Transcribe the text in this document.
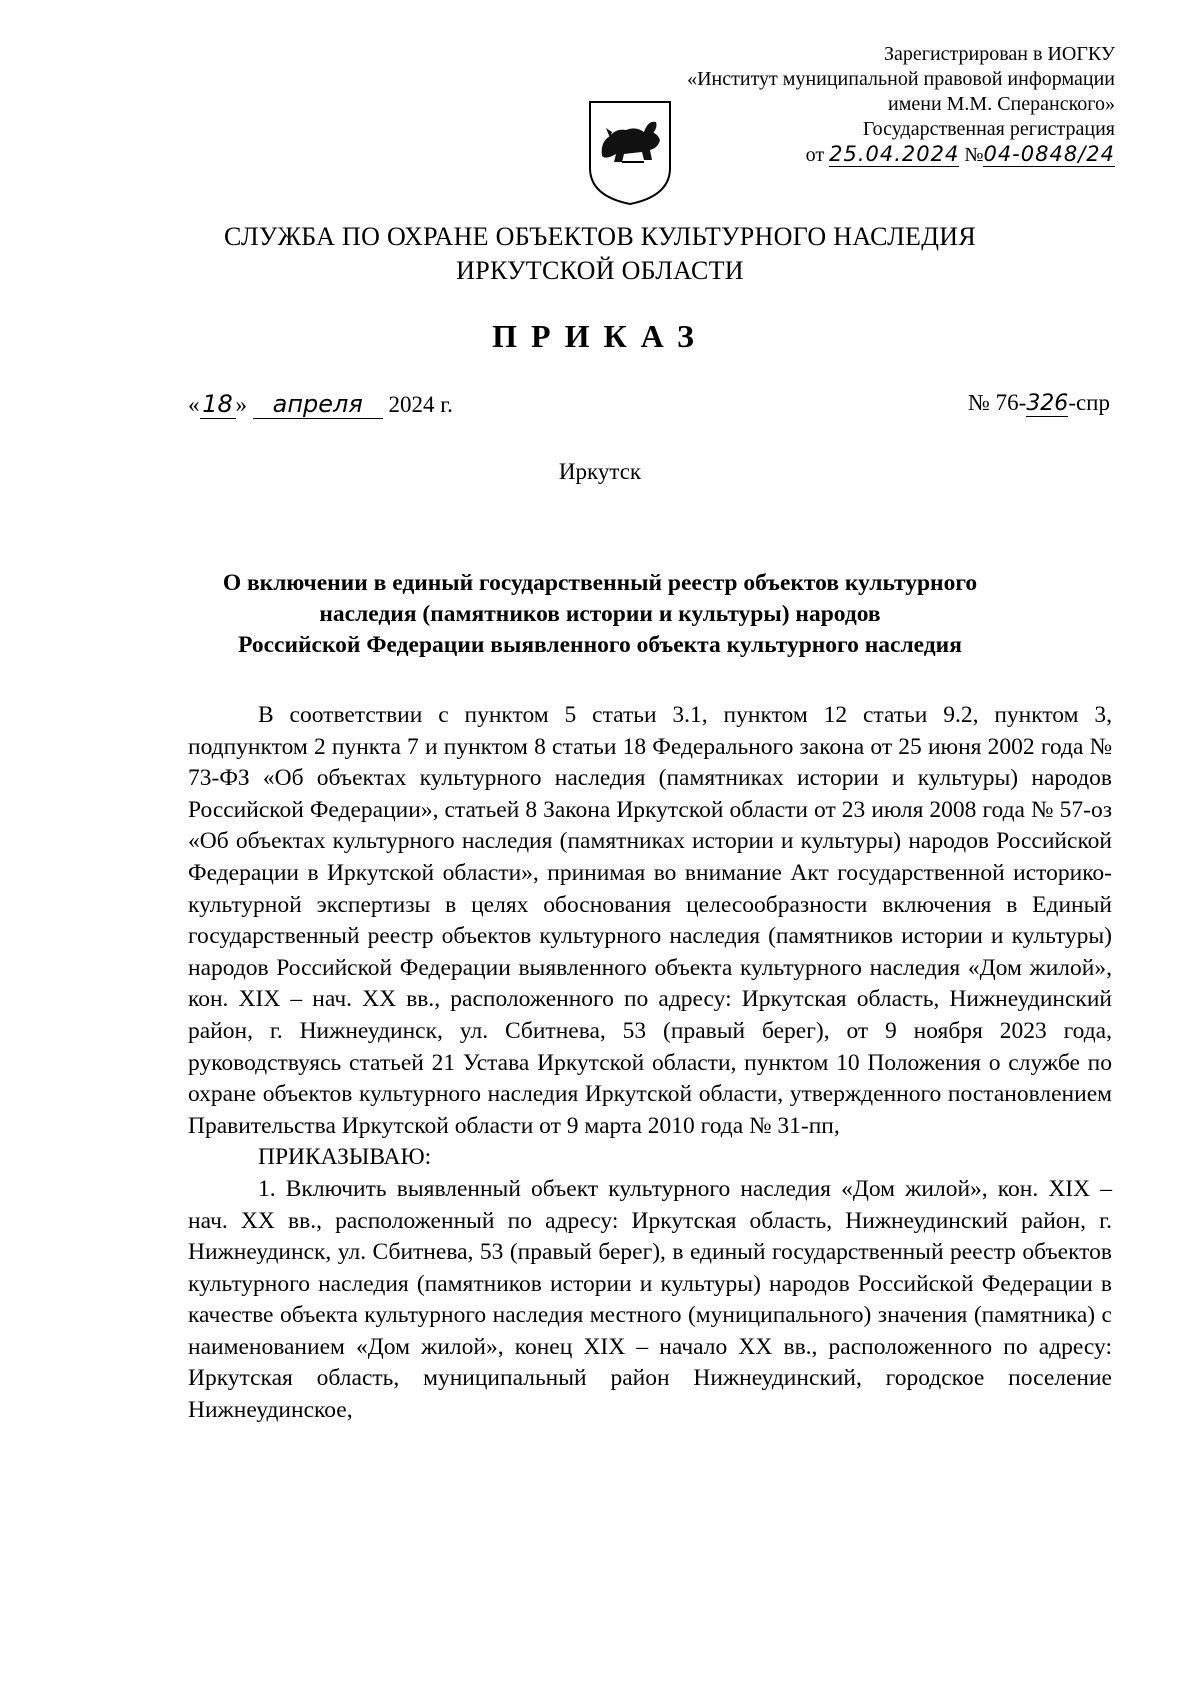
Зарегистрирован в ИОГКУ
«Институт муниципальной правовой информации
имени М.М. Сперанского»
Государственная регистрация
от 25.04.2024 №04-0848/24
СЛУЖБА ПО ОХРАНЕ ОБЪЕКТОВ КУЛЬТУРНОГО НАСЛЕДИЯ
ИРКУТСКОЙ ОБЛАСТИ
ПРИКАЗ
« 18 » апреля 2024 г.	№ 76-326-спр
Иркутск
О включении в единый государственный реестр объектов культурного
наследия (памятников истории и культуры) народов
Российской Федерации выявленного объекта культурного наследия

В соответствии с пунктом 5 статьи 3.1, пунктом 12 статьи 9.2, пунктом 3, подпунктом 2 пункта 7 и пунктом 8 статьи 18 Федерального закона от 25 июня 2002 года № 73-ФЗ «Об объектах культурного наследия (памятниках истории и культуры) народов Российской Федерации», статьей 8 Закона Иркутской области от 23 июля 2008 года № 57-оз «Об объектах культурного наследия (памятниках истории и культуры) народов Российской Федерации в Иркутской области», принимая во внимание Акт государственной историко-культурной экспертизы в целях обоснования целесообразности включения в Единый государственный реестр объектов культурного наследия (памятников истории и культуры) народов Российской Федерации выявленного объекта культурного наследия «Дом жилой», кон. XIX – нач. XX вв., расположенного по адресу: Иркутская область, Нижнеудинский район, г. Нижнеудинск, ул. Сбитнева, 53 (правый берег), от 9 ноября 2023 года, руководствуясь статьей 21 Устава Иркутской области, пунктом 10 Положения о службе по охране объектов культурного наследия Иркутской области, утвержденного постановлением Правительства Иркутской области от 9 марта 2010 года № 31-пп,

ПРИКАЗЫВАЮ:

1. Включить выявленный объект культурного наследия «Дом жилой», кон. XIX – нач. XX вв., расположенный по адресу: Иркутская область, Нижнеудинский район, г. Нижнеудинск, ул. Сбитнева, 53 (правый берег), в единый государственный реестр объектов культурного наследия (памятников истории и культуры) народов Российской Федерации в качестве объекта культурного наследия местного (муниципального) значения (памятника) с наименованием «Дом жилой», конец XIX – начало XX вв., расположенного по адресу: Иркутская область, муниципальный район Нижнеудинский, городское поселение Нижнеудинское,
